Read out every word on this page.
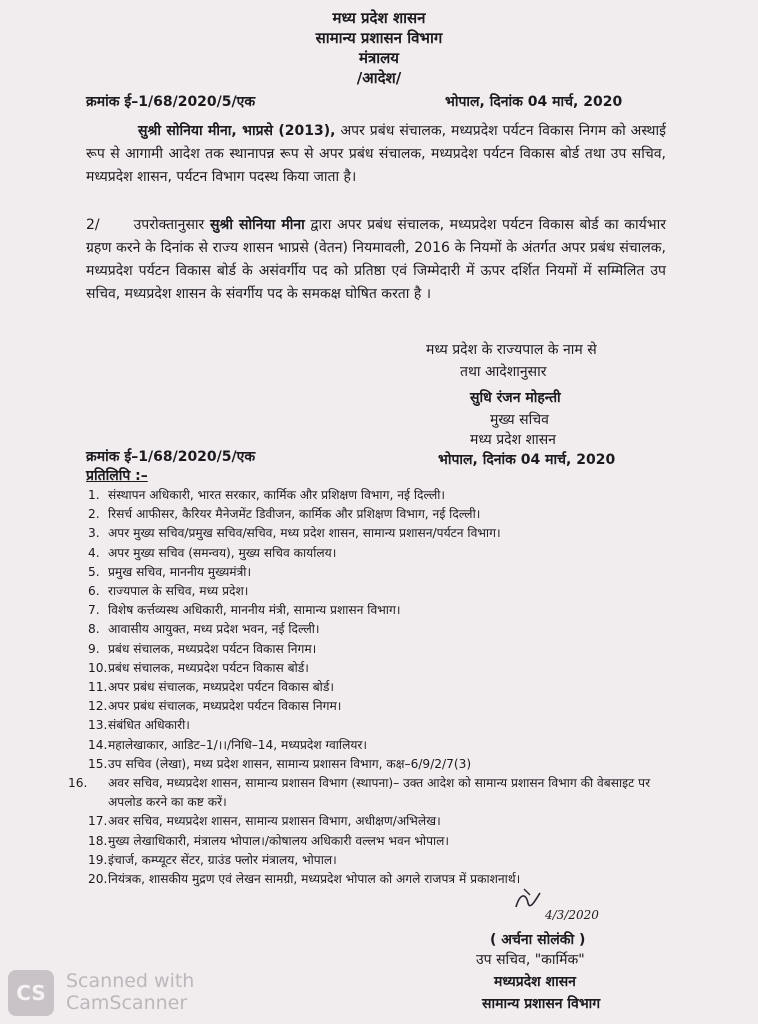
मध्य प्रदेश शासन
सामान्य प्रशासन विभाग
मंत्रालय
/आदेश/
क्रमांक ई–1/68/2020/5/एक	भोपाल, दिनांक 04 मार्च, 2020
सुश्री सोनिया मीना, भाप्रसे (2013), अपर प्रबंध संचालक, मध्यप्रदेश पर्यटन विकास निगम को अस्थाई रूप से आगामी आदेश तक स्थानापन्न रूप से अपर प्रबंध संचालक, मध्यप्रदेश पर्यटन विकास बोर्ड तथा उप सचिव, मध्यप्रदेश शासन, पर्यटन विभाग पदस्थ किया जाता है।
2/ उपरोक्तानुसार सुश्री सोनिया मीना द्वारा अपर प्रबंध संचालक, मध्यप्रदेश पर्यटन विकास बोर्ड का कार्यभार ग्रहण करने के दिनांक से राज्य शासन भाप्रसे (वेतन) नियमावली, 2016 के नियमों के अंतर्गत अपर प्रबंध संचालक, मध्यप्रदेश पर्यटन विकास बोर्ड के असंवर्गीय पद को प्रतिष्ठा एवं जिम्मेदारी में ऊपर दर्शित नियमों में सम्मिलित उप सचिव, मध्यप्रदेश शासन के संवर्गीय पद के समकक्ष घोषित करता है ।
मध्य प्रदेश के राज्यपाल के नाम से
तथा आदेशानुसार
सुधि रंजन मोहन्ती
मुख्य सचिव
मध्य प्रदेश शासन
क्रमांक ई–1/68/2020/5/एक	भोपाल, दिनांक 04 मार्च, 2020
प्रतिलिपि :–
1. संस्थापन अधिकारी, भारत सरकार, कार्मिक और प्रशिक्षण विभाग, नई दिल्ली।
2. रिसर्च आफीसर, कैरियर मैनेजमेंट डिवीजन, कार्मिक और प्रशिक्षण विभाग, नई दिल्ली।
3. अपर मुख्य सचिव/प्रमुख सचिव/सचिव, मध्य प्रदेश शासन, सामान्य प्रशासन/पर्यटन विभाग।
4. अपर मुख्य सचिव (समन्वय), मुख्य सचिव कार्यालय।
5. प्रमुख सचिव, माननीय मुख्यमंत्री।
6. राज्यपाल के सचिव, मध्य प्रदेश।
7. विशेष कर्त्तव्यस्थ अधिकारी, माननीय मंत्री, सामान्य प्रशासन विभाग।
8. आवासीय आयुक्त, मध्य प्रदेश भवन, नई दिल्ली।
9. प्रबंध संचालक, मध्यप्रदेश पर्यटन विकास निगम।
10.प्रबंध संचालक, मध्यप्रदेश पर्यटन विकास बोर्ड।
11.अपर प्रबंध संचालक, मध्यप्रदेश पर्यटन विकास बोर्ड।
12.अपर प्रबंध संचालक, मध्यप्रदेश पर्यटन विकास निगम।
13.संबंधित अधिकारी।
14.महालेखाकार, आडिट–1/।।/निधि–14, मध्यप्रदेश ग्वालियर।
15.उप सचिव (लेखा), मध्य प्रदेश शासन, सामान्य प्रशासन विभाग, कक्ष–6/9/2/7(3)
16. अवर सचिव, मध्यप्रदेश शासन, सामान्य प्रशासन विभाग (स्थापना)– उक्त आदेश को सामान्य प्रशासन विभाग की वेबसाइट पर अपलोड करने का कष्ट करें।
17.अवर सचिव, मध्यप्रदेश शासन, सामान्य प्रशासन विभाग, अधीक्षण/अभिलेख।
18.मुख्य लेखाधिकारी, मंत्रालय भोपाल।/कोषालय अधिकारी वल्लभ भवन भोपाल।
19.इंचार्ज, कम्प्यूटर सेंटर, ग्राउंड फ्लोर मंत्रालय, भोपाल।
20.नियंत्रक, शासकीय मुद्रण एवं लेखन सामग्री, मध्यप्रदेश भोपाल को अगले राजपत्र में प्रकाशनार्थ।
4/3/2020
( अर्चना सोलंकी )
उप सचिव, "कार्मिक"
मध्यप्रदेश शासन
सामान्य प्रशासन विभाग
CS	Scanned with
CamScanner
